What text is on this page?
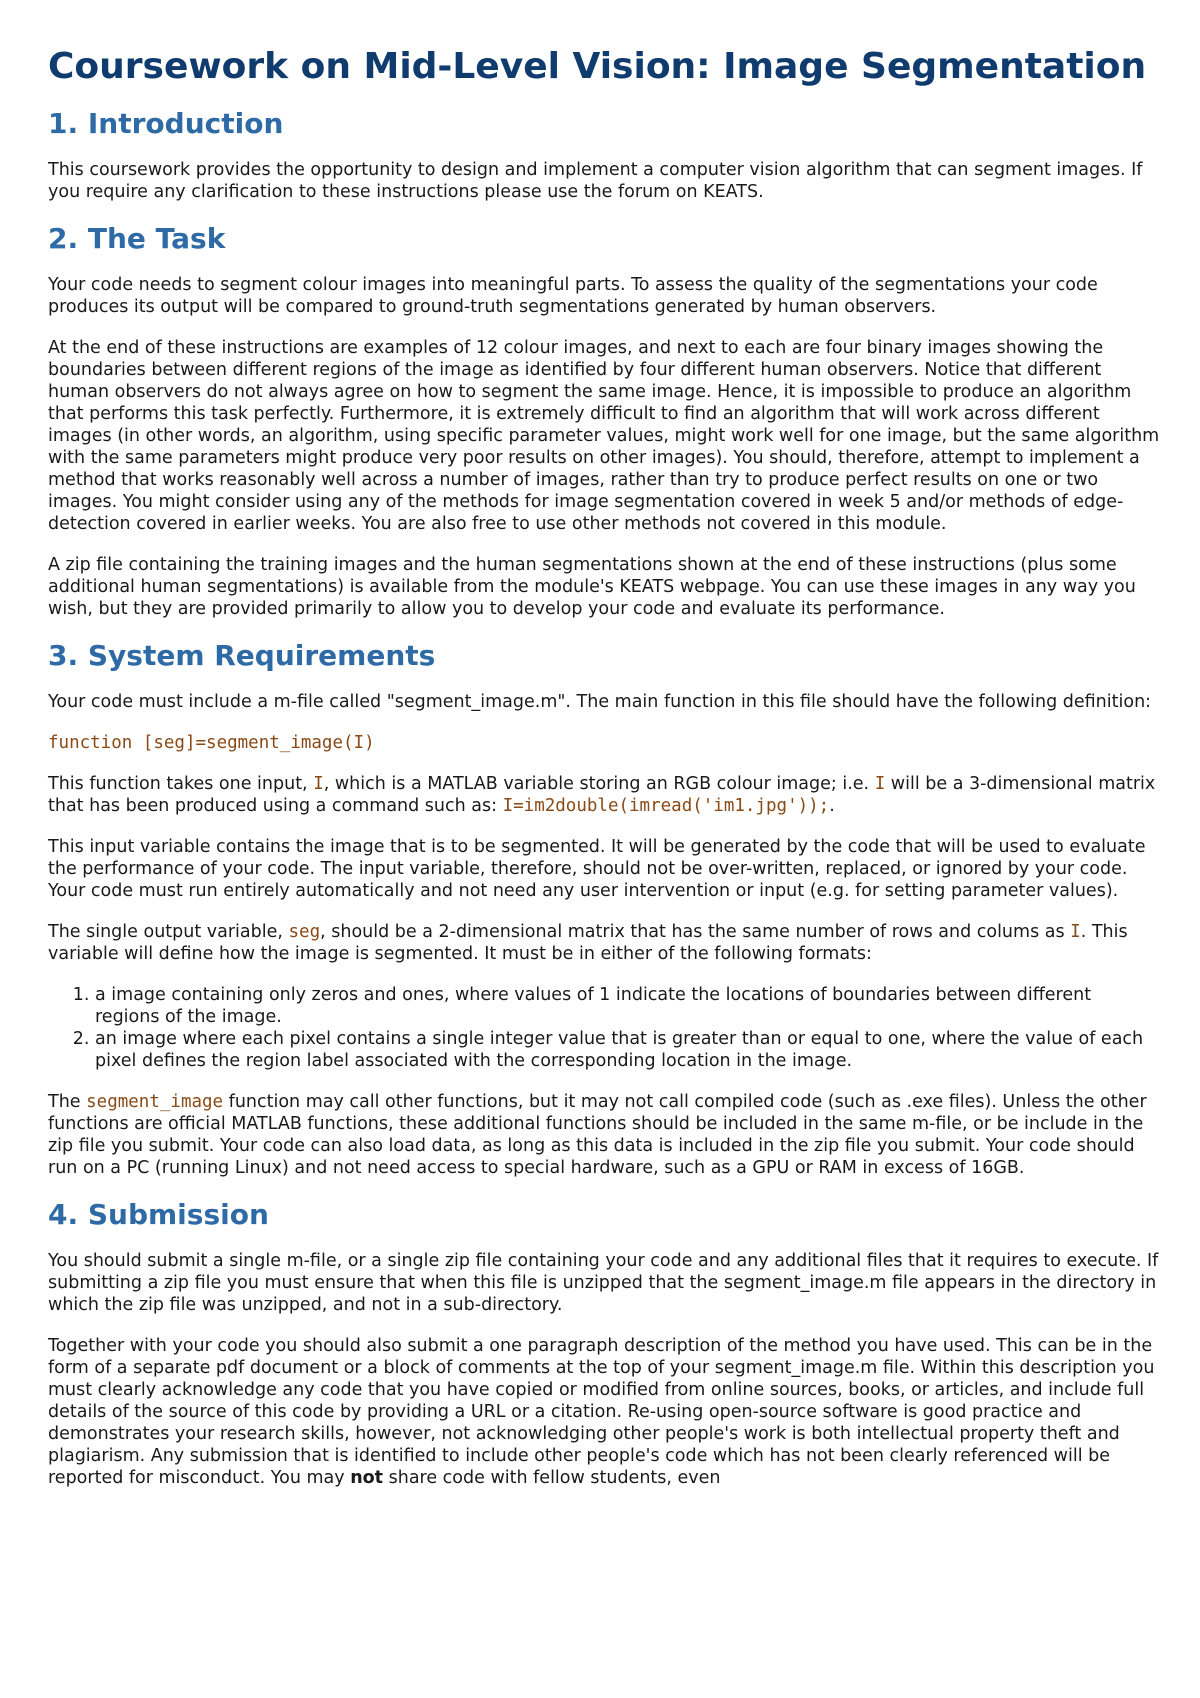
Coursework on Mid-Level Vision: Image Segmentation
1. Introduction

This coursework provides the opportunity to design and implement a computer vision algorithm that can segment images. If you require any clarification to these instructions please use the forum on KEATS.

2. The Task

Your code needs to segment colour images into meaningful parts. To assess the quality of the segmentations your code produces its output will be compared to ground-truth segmentations generated by human observers.

At the end of these instructions are examples of 12 colour images, and next to each are four binary images showing the boundaries between different regions of the image as identified by four different human observers. Notice that different human observers do not always agree on how to segment the same image. Hence, it is impossible to produce an algorithm that performs this task perfectly. Furthermore, it is extremely difficult to find an algorithm that will work across different images (in other words, an algorithm, using specific parameter values, might work well for one image, but the same algorithm with the same parameters might produce very poor results on other images). You should, therefore, attempt to implement a method that works reasonably well across a number of images, rather than try to produce perfect results on one or two images. You might consider using any of the methods for image segmentation covered in week 5 and/or methods of edge-detection covered in earlier weeks. You are also free to use other methods not covered in this module.

A zip file containing the training images and the human segmentations shown at the end of these instructions (plus some additional human segmentations) is available from the module's KEATS webpage. You can use these images in any way you wish, but they are provided primarily to allow you to develop your code and evaluate its performance.

3. System Requirements

Your code must include a m-file called "segment_image.m". The main function in this file should have the following definition:

function [seg]=segment_image(I)

This function takes one input, I, which is a MATLAB variable storing an RGB colour image; i.e. I will be a 3-dimensional matrix that has been produced using a command such as: I=im2double(imread('im1.jpg'));.

This input variable contains the image that is to be segmented. It will be generated by the code that will be used to evaluate the performance of your code. The input variable, therefore, should not be over-written, replaced, or ignored by your code. Your code must run entirely automatically and not need any user intervention or input (e.g. for setting parameter values).

The single output variable, seg, should be a 2-dimensional matrix that has the same number of rows and colums as I. This variable will define how the image is segmented. It must be in either of the following formats:

1. a image containing only zeros and ones, where values of 1 indicate the locations of boundaries between different regions of the image.
2. an image where each pixel contains a single integer value that is greater than or equal to one, where the value of each pixel defines the region label associated with the corresponding location in the image.

The segment_image function may call other functions, but it may not call compiled code (such as .exe files). Unless the other functions are official MATLAB functions, these additional functions should be included in the same m-file, or be include in the zip file you submit. Your code can also load data, as long as this data is included in the zip file you submit. Your code should run on a PC (running Linux) and not need access to special hardware, such as a GPU or RAM in excess of 16GB.

4. Submission

You should submit a single m-file, or a single zip file containing your code and any additional files that it requires to execute. If submitting a zip file you must ensure that when this file is unzipped that the segment_image.m file appears in the directory in which the zip file was unzipped, and not in a sub-directory.

Together with your code you should also submit a one paragraph description of the method you have used. This can be in the form of a separate pdf document or a block of comments at the top of your segment_image.m file. Within this description you must clearly acknowledge any code that you have copied or modified from online sources, books, or articles, and include full details of the source of this code by providing a URL or a citation. Re-using open-source software is good practice and demonstrates your research skills, however, not acknowledging other people's work is both intellectual property theft and plagiarism. Any submission that is identified to include other people's code which has not been clearly referenced will be reported for misconduct. You may not share code with fellow students, even
